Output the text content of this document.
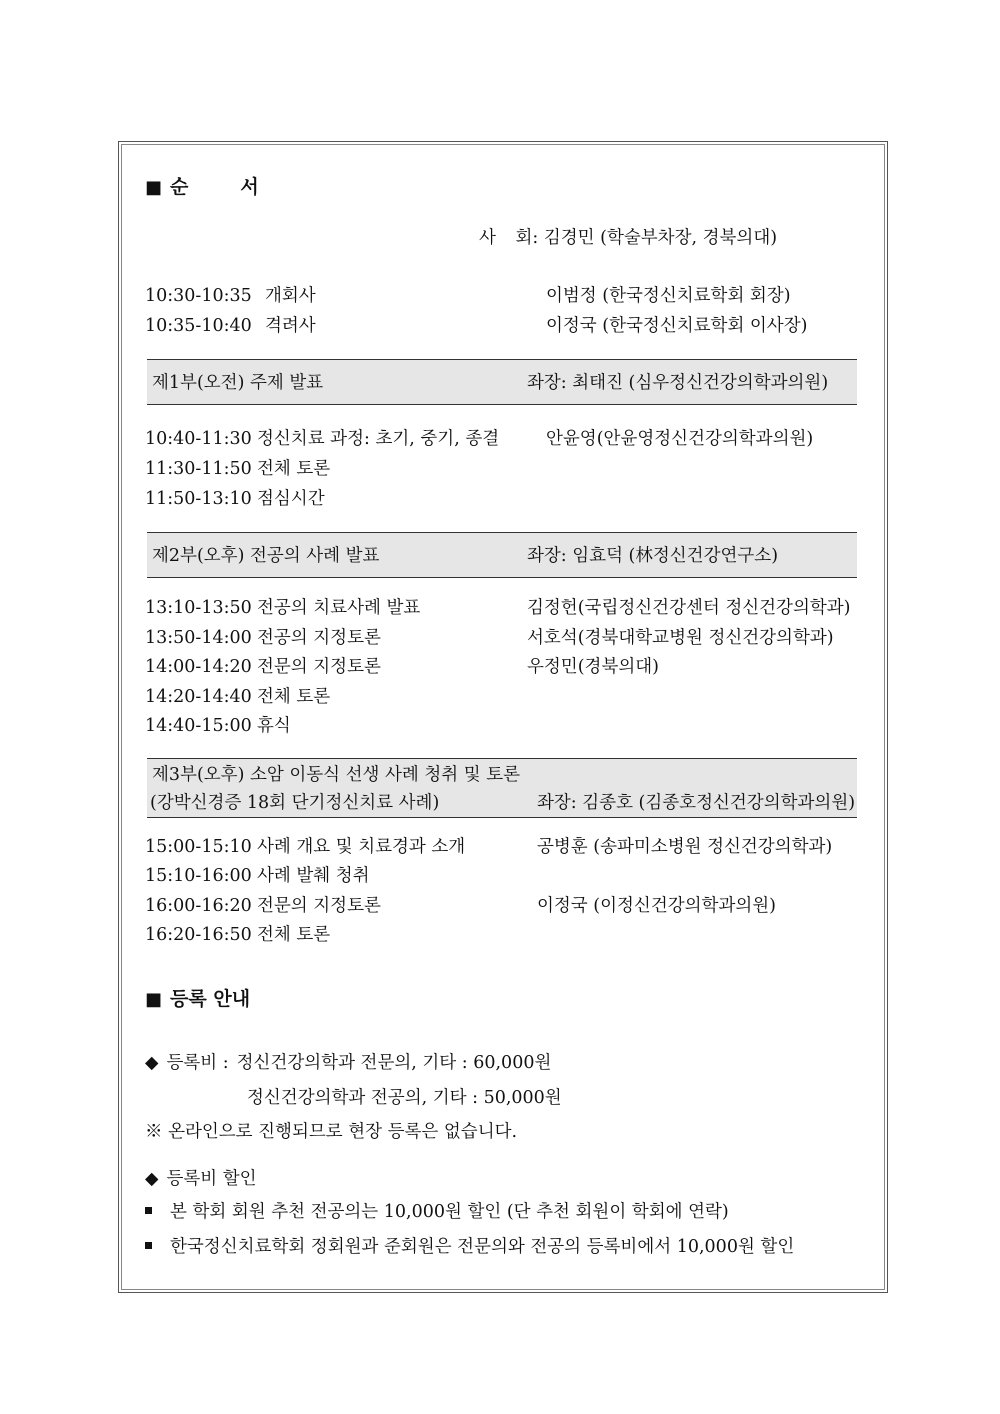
■ 순	서
사 회: 김경민 (학술부차장, 경북의대)
10:30-10:35 개회사	이범정 (한국정신치료학회 회장)
10:35-10:40 격려사	이정국 (한국정신치료학회 이사장)
제1부(오전) 주제 발표	좌장: 최태진 (심우정신건강의학과의원)
10:40-11:30 정신치료 과정: 초기, 중기, 종결	안윤영(안윤영정신건강의학과의원)
11:30-11:50 전체 토론
11:50-13:10 점심시간
제2부(오후) 전공의 사례 발표	좌장: 임효덕 (林정신건강연구소)
13:10-13:50 전공의 치료사례 발표	김정헌(국립정신건강센터 정신건강의학과)
13:50-14:00 전공의 지정토론	서호석(경북대학교병원 정신건강의학과)
14:00-14:20 전문의 지정토론	우정민(경북의대)
14:20-14:40 전체 토론
14:40-15:00 휴식
제3부(오후) 소암 이동식 선생 사례 청취 및 토론
(강박신경증 18회 단기정신치료 사례)	좌장: 김종호 (김종호정신건강의학과의원)
15:00-15:10 사례 개요 및 치료경과 소개	공병훈 (송파미소병원 정신건강의학과)
15:10-16:00 사례 발췌 청취
16:00-16:20 전문의 지정토론	이정국 (이정신건강의학과의원)
16:20-16:50 전체 토론
■ 등록 안내
◆ 등록비 : 정신건강의학과 전문의, 기타 : 60,000원
정신건강의학과 전공의, 기타 : 50,000원
※ 온라인으로 진행되므로 현장 등록은 없습니다.
◆ 등록비 할인
본 학회 회원 추천 전공의는 10,000원 할인 (단 추천 회원이 학회에 연락)
한국정신치료학회 정회원과 준회원은 전문의와 전공의 등록비에서 10,000원 할인
